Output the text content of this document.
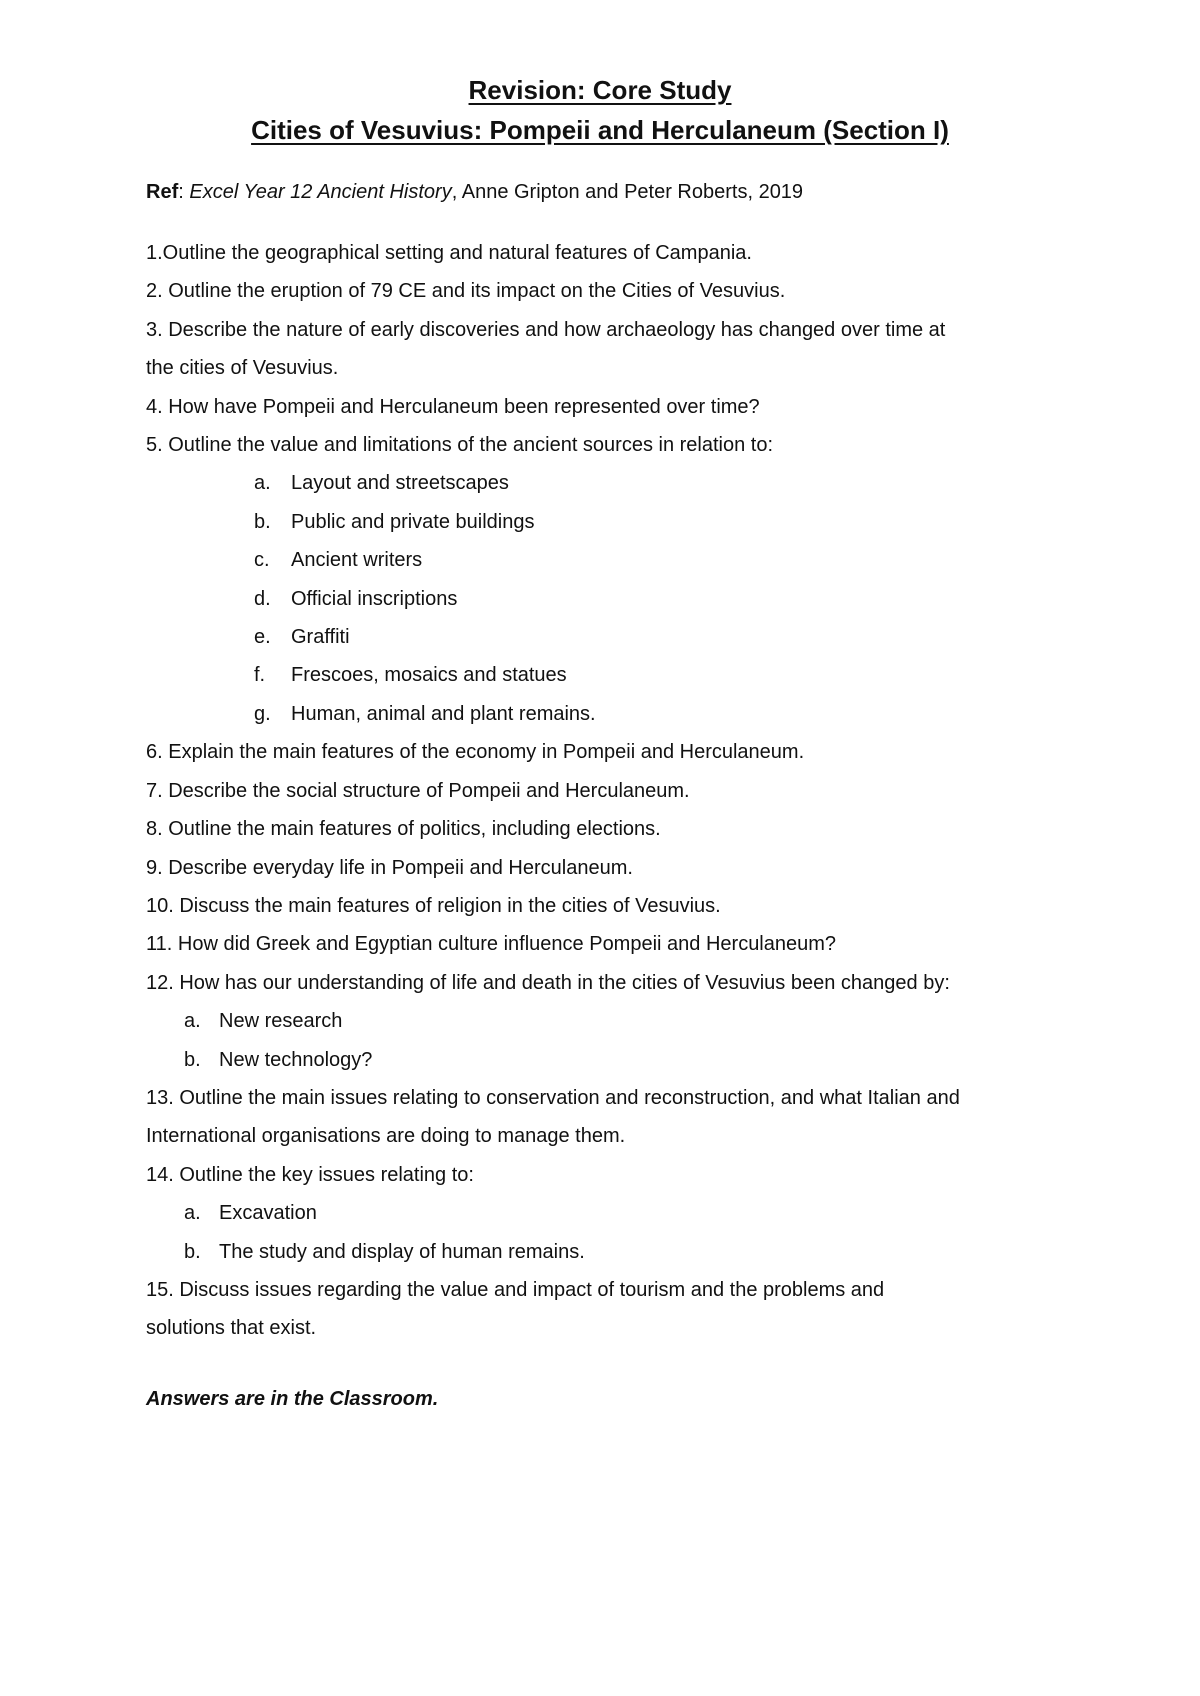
Revision: Core Study

Cities of Vesuvius: Pompeii and Herculaneum (Section I)

Ref: Excel Year 12 Ancient History, Anne Gripton and Peter Roberts, 2019
1.Outline the geographical setting and natural features of Campania.
2. Outline the eruption of 79 CE and its impact on the Cities of Vesuvius.
3. Describe the nature of early discoveries and how archaeology has changed over time at
the cities of Vesuvius.
4. How have Pompeii and Herculaneum been represented over time?
5. Outline the value and limitations of the ancient sources in relation to:
a. Layout and streetscapes
b. Public and private buildings
c. Ancient writers
d. Official inscriptions
e. Graffiti
f. Frescoes, mosaics and statues
g. Human, animal and plant remains.
6. Explain the main features of the economy in Pompeii and Herculaneum.
7. Describe the social structure of Pompeii and Herculaneum.
8. Outline the main features of politics, including elections.
9. Describe everyday life in Pompeii and Herculaneum.
10. Discuss the main features of religion in the cities of Vesuvius.
11. How did Greek and Egyptian culture influence Pompeii and Herculaneum?
12. How has our understanding of life and death in the cities of Vesuvius been changed by:
a. New research
b. New technology?
13. Outline the main issues relating to conservation and reconstruction, and what Italian and
International organisations are doing to manage them.
14. Outline the key issues relating to:
a. Excavation
b. The study and display of human remains.
15. Discuss issues regarding the value and impact of tourism and the problems and
solutions that exist.
Answers are in the Classroom.
